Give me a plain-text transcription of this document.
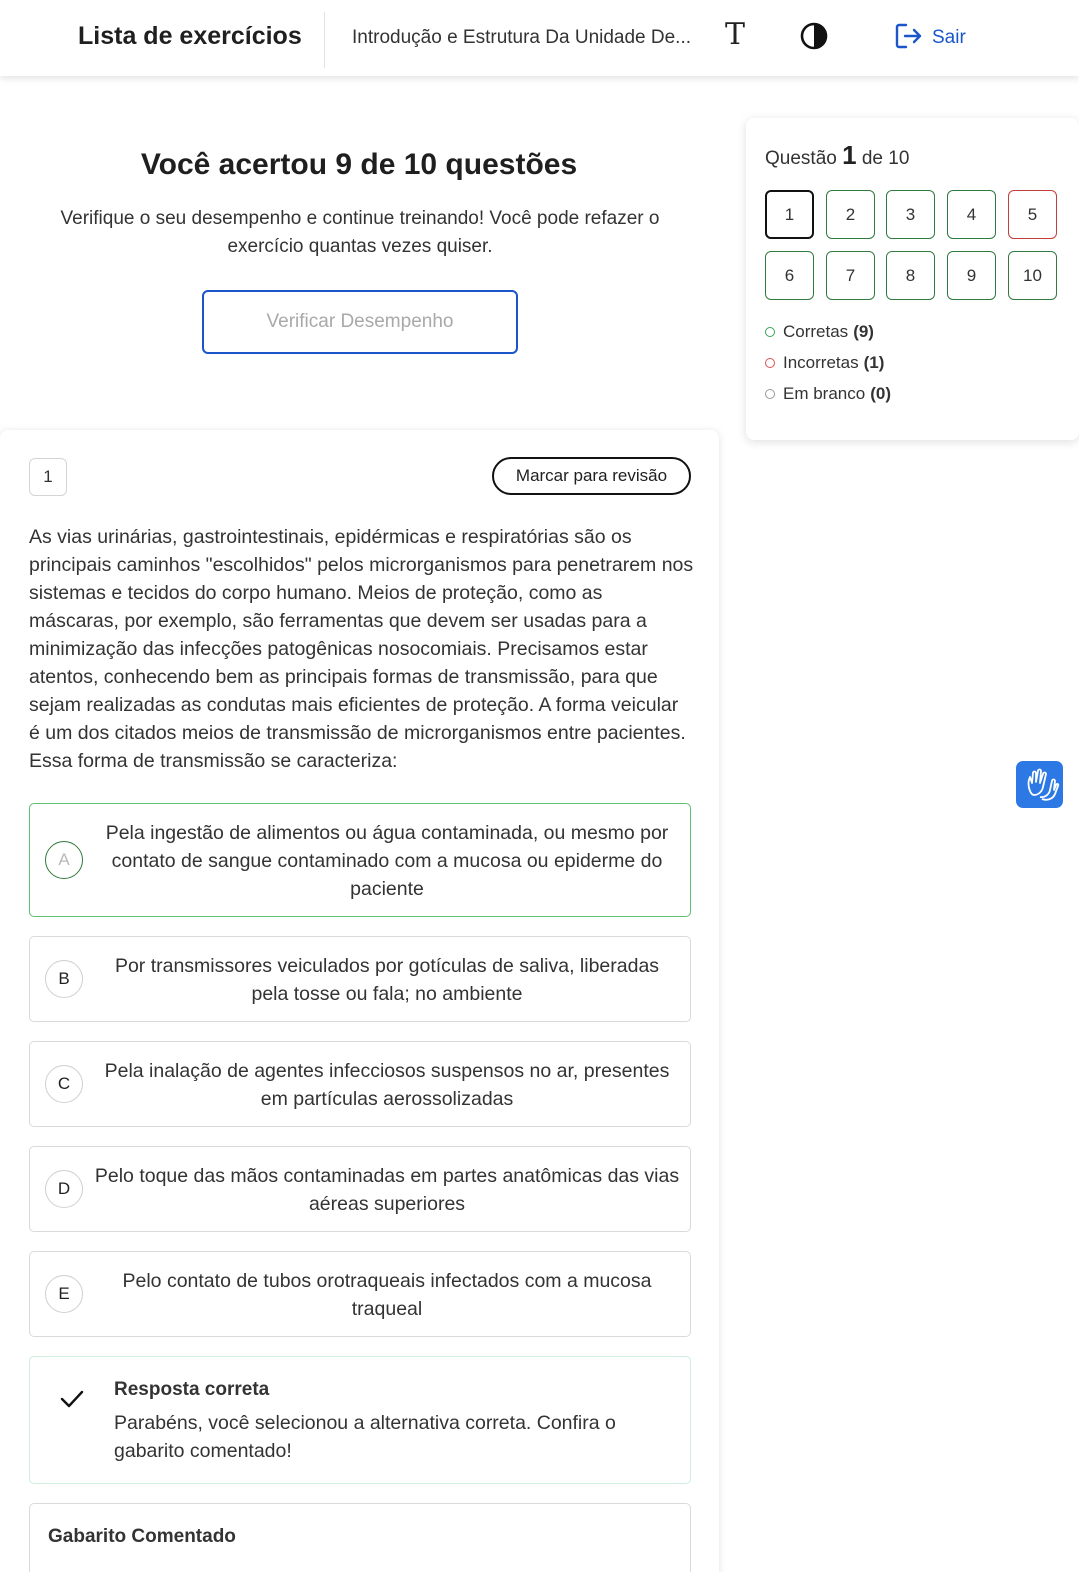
Lista de exercícios	Introdução e Estrutura Da Unidade De...	T	Sair
Você acertou 9 de 10 questões
Verifique o seu desempenho e continue treinando! Você pode refazer o exercício quantas vezes quiser.
Verificar Desempenho
Questão 1 de 10
1	2	3	4	5
6	7	8	9	10
Corretas (9)
Incorretas (1)
Em branco (0)
1	Marcar para revisão
As vias urinárias, gastrointestinais, epidérmicas e respiratórias são os principais caminhos "escolhidos" pelos microrganismos para penetrarem nos sistemas e tecidos do corpo humano. Meios de proteção, como as máscaras, por exemplo, são ferramentas que devem ser usadas para a minimização das infecções patogênicas nosocomiais. Precisamos estar atentos, conhecendo bem as principais formas de transmissão, para que sejam realizadas as condutas mais eficientes de proteção. A forma veicular é um dos citados meios de transmissão de microrganismos entre pacientes. Essa forma de transmissão se caracteriza:
A
Pela ingestão de alimentos ou água contaminada, ou mesmo por contato de sangue contaminado com a mucosa ou epiderme do paciente
B
Por transmissores veiculados por gotículas de saliva, liberadas pela tosse ou fala; no ambiente
C
Pela inalação de agentes infecciosos suspensos no ar, presentes em partículas aerossolizadas
D
Pelo toque das mãos contaminadas em partes anatômicas das vias aéreas superiores
E
Pelo contato de tubos orotraqueais infectados com a mucosa traqueal
Resposta correta
Parabéns, você selecionou a alternativa correta. Confira o gabarito comentado!
Gabarito Comentado
